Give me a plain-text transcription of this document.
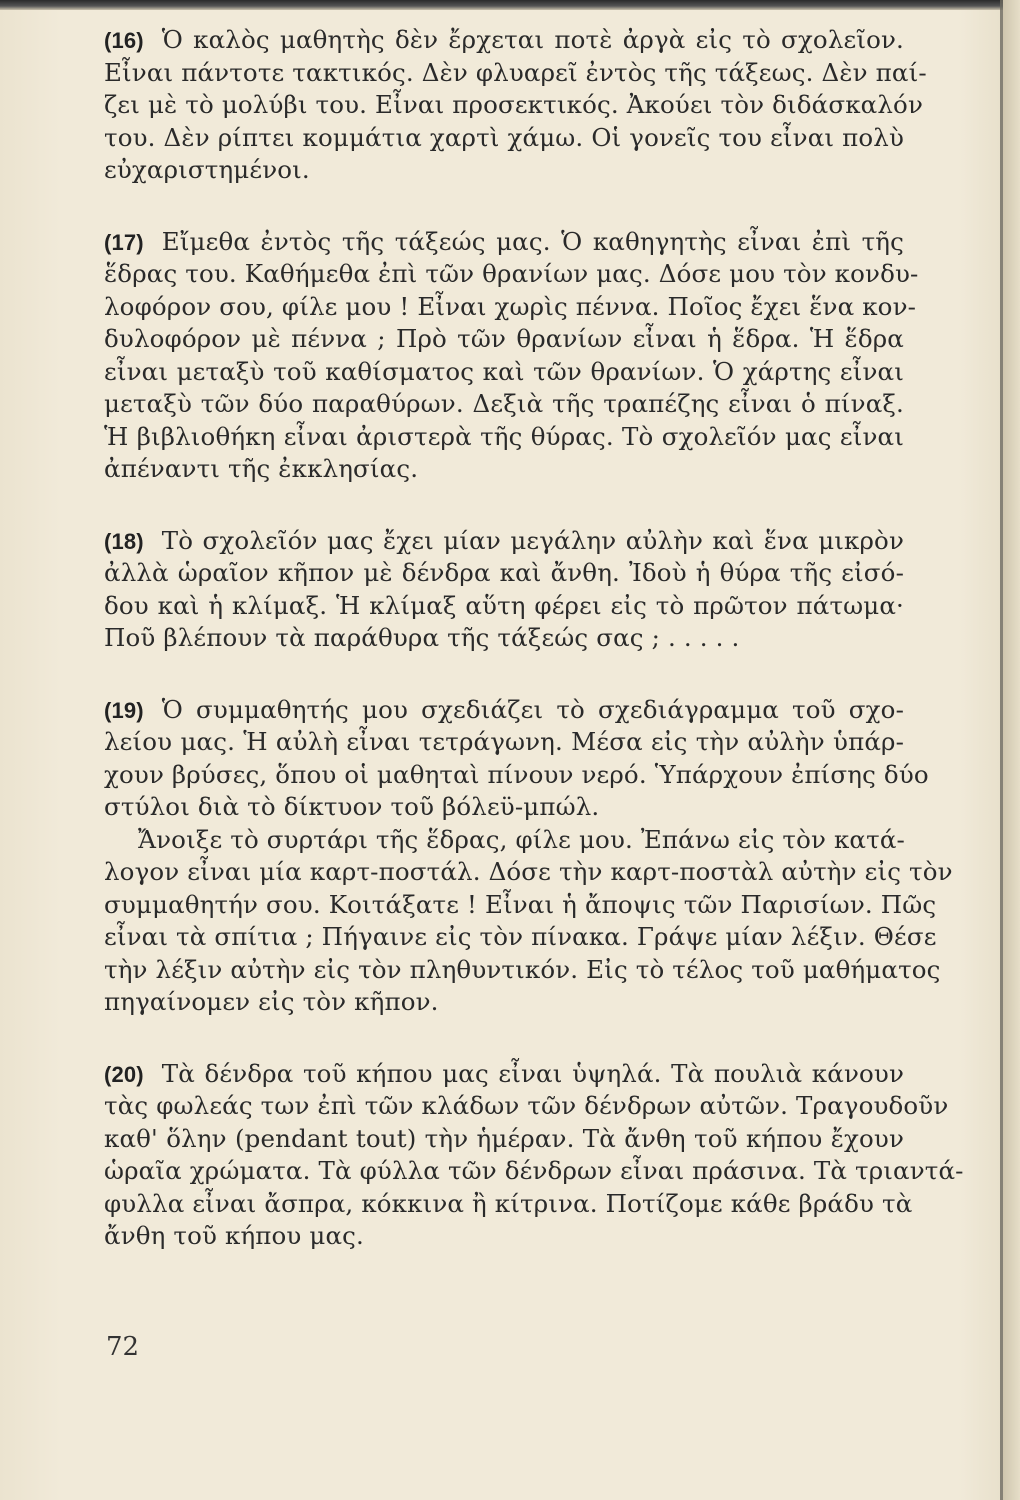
(16) Ὁ καλὸς μαθητὴς δὲν ἔρχεται ποτὲ ἀργὰ εἰς τὸ σχολεῖον.
Εἶναι πάντοτε τακτικός. Δὲν φλυαρεῖ ἐντὸς τῆς τάξεως. Δὲν παί-
ζει μὲ τὸ μολύβι του. Εἶναι προσεκτικός. Ἀκούει τὸν διδάσκαλόν
του. Δὲν ρίπτει κομμάτια χαρτὶ χάμω. Οἱ γονεῖς του εἶναι πολὺ
εὐχαριστημένοι.
(17) Εἴμεθα ἐντὸς τῆς τάξεώς μας. Ὁ καθηγητὴς εἶναι ἐπὶ τῆς
ἕδρας του. Καθήμεθα ἐπὶ τῶν θρανίων μας. Δόσε μου τὸν κονδυ-
λοφόρον σου, φίλε μου ! Εἶναι χωρὶς πέννα. Ποῖος ἔχει ἕνα κον-
δυλοφόρον μὲ πέννα ; Πρὸ τῶν θρανίων εἶναι ἡ ἕδρα. Ἡ ἕδρα
εἶναι μεταξὺ τοῦ καθίσματος καὶ τῶν θρανίων. Ὁ χάρτης εἶναι
μεταξὺ τῶν δύο παραθύρων. Δεξιὰ τῆς τραπέζης εἶναι ὁ πίναξ.
Ἡ βιβλιοθήκη εἶναι ἀριστερὰ τῆς θύρας. Τὸ σχολεῖόν μας εἶναι
ἀπέναντι τῆς ἐκκλησίας.
(18) Τὸ σχολεῖόν μας ἔχει μίαν μεγάλην αὐλὴν καὶ ἕνα μικρὸν
ἀλλὰ ὡραῖον κῆπον μὲ δένδρα καὶ ἄνθη. Ἰδοὺ ἡ θύρα τῆς εἰσό-
δου καὶ ἡ κλίμαξ. Ἡ κλίμαξ αὕτη φέρει εἰς τὸ πρῶτον πάτωμα·
Ποῦ βλέπουν τὰ παράθυρα τῆς τάξεώς σας ; . . . . .
(19) Ὁ συμμαθητής μου σχεδιάζει τὸ σχεδιάγραμμα τοῦ σχο-
λείου μας. Ἡ αὐλὴ εἶναι τετράγωνη. Μέσα εἰς τὴν αὐλὴν ὑπάρ-
χουν βρύσες, ὅπου οἱ μαθηταὶ πίνουν νερό. Ὑπάρχουν ἐπίσης δύο
στύλοι διὰ τὸ δίκτυον τοῦ βόλεϋ-μπώλ.
Ἄνοιξε τὸ συρτάρι τῆς ἕδρας, φίλε μου. Ἐπάνω εἰς τὸν κατά-
λογον εἶναι μία καρτ-ποστάλ. Δόσε τὴν καρτ-ποστὰλ αὐτὴν εἰς τὸν
συμμαθητήν σου. Κοιτάξατε ! Εἶναι ἡ ἄποψις τῶν Παρισίων. Πῶς
εἶναι τὰ σπίτια ; Πήγαινε εἰς τὸν πίνακα. Γράψε μίαν λέξιν. Θέσε
τὴν λέξιν αὐτὴν εἰς τὸν πληθυντικόν. Εἰς τὸ τέλος τοῦ μαθήματος
πηγαίνομεν εἰς τὸν κῆπον.
(20) Τὰ δένδρα τοῦ κήπου μας εἶναι ὑψηλά. Τὰ πουλιὰ κάνουν
τὰς φωλεάς των ἐπὶ τῶν κλάδων τῶν δένδρων αὐτῶν. Τραγουδοῦν
καθ' ὅλην (pendant tout) τὴν ἡμέραν. Τὰ ἄνθη τοῦ κήπου ἔχουν
ὡραῖα χρώματα. Τὰ φύλλα τῶν δένδρων εἶναι πράσινα. Τὰ τριαντά-
φυλλα εἶναι ἄσπρα, κόκκινα ἢ κίτρινα. Ποτίζομε κάθε βράδυ τὰ
ἄνθη τοῦ κήπου μας.
72
